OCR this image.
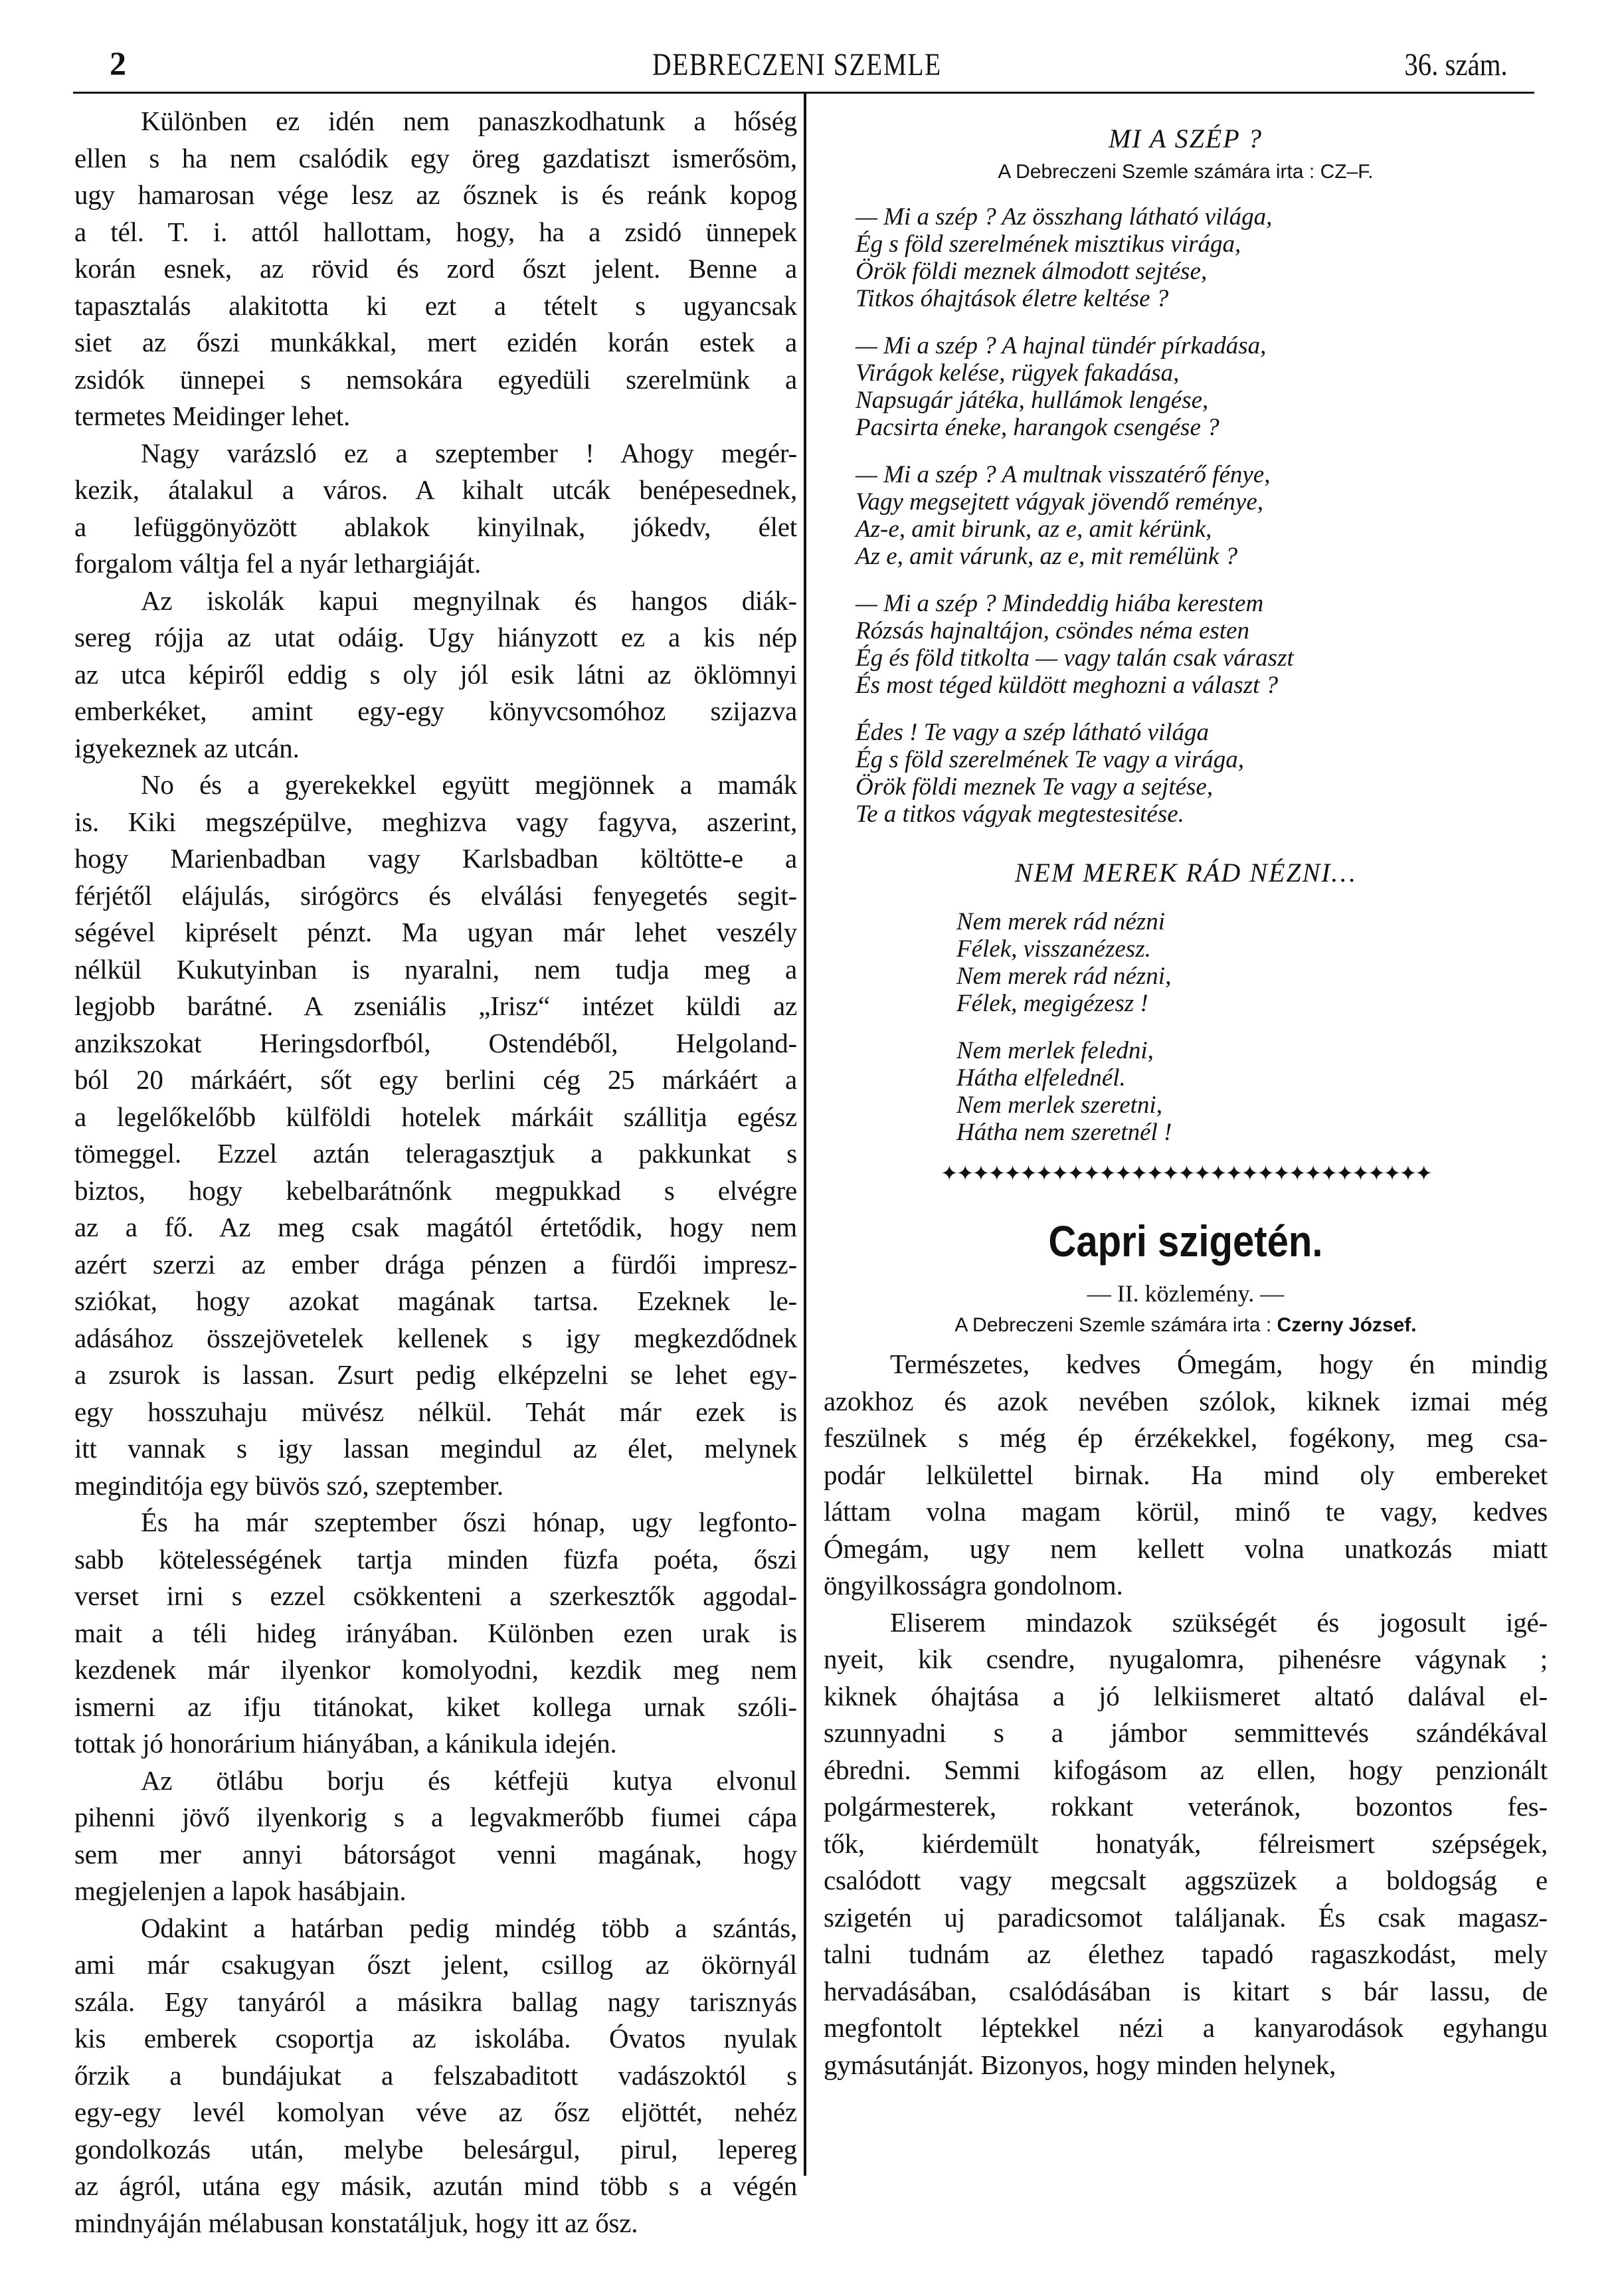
2	DEBRECZENI SZEMLE	36. szám.
Különben ez idén nem panaszkodhatunk a hőség
ellen s ha nem csalódik egy öreg gazdatiszt ismerősöm,
ugy hamarosan vége lesz az ősznek is és reánk kopog
a tél. T. i. attól hallottam, hogy, ha a zsidó ünnepek
korán esnek, az rövid és zord őszt jelent. Benne a
tapasztalás alakitotta ki ezt a tételt s ugyancsak
siet az őszi munkákkal, mert ezidén korán estek a
zsidók ünnepei s nemsokára egyedüli szerelmünk a
termetes Meidinger lehet.
Nagy varázsló ez a szeptember ! Ahogy megér-
kezik, átalakul a város. A kihalt utcák benépesednek,
a lefüggönyözött ablakok kinyilnak, jókedv, élet
forgalom váltja fel a nyár lethargiáját.
Az iskolák kapui megnyilnak és hangos diák-
sereg rójja az utat odáig. Ugy hiányzott ez a kis nép
az utca képiről eddig s oly jól esik látni az öklömnyi
emberkéket, amint egy-egy könyvcsomóhoz szijazva
igyekeznek az utcán.
No és a gyerekekkel együtt megjönnek a mamák
is. Kiki megszépülve, meghizva vagy fagyva, aszerint,
hogy Marienbadban vagy Karlsbadban költötte-e a
férjétől elájulás, sirógörcs és elválási fenyegetés segit-
ségével kipréselt pénzt. Ma ugyan már lehet veszély
nélkül Kukutyinban is nyaralni, nem tudja meg a
legjobb barátné. A zseniális „Irisz“ intézet küldi az
anzikszokat Heringsdorfból, Ostendéből, Helgoland-
ból 20 márkáért, sőt egy berlini cég 25 márkáért a
a legelőkelőbb külföldi hotelek márkáit szállitja egész
tömeggel. Ezzel aztán teleragasztjuk a pakkunkat s
biztos, hogy kebelbarátnőnk megpukkad s elvégre
az a fő. Az meg csak magától értetődik, hogy nem
azért szerzi az ember drága pénzen a fürdői impresz-
sziókat, hogy azokat magának tartsa. Ezeknek le-
adásához összejövetelek kellenek s igy megkezdődnek
a zsurok is lassan. Zsurt pedig elképzelni se lehet egy-
egy hosszuhaju müvész nélkül. Tehát már ezek is
itt vannak s igy lassan megindul az élet, melynek
meginditója egy büvös szó, szeptember.
És ha már szeptember őszi hónap, ugy legfonto-
sabb kötelességének tartja minden füzfa poéta, őszi
verset irni s ezzel csökkenteni a szerkesztők aggodal-
mait a téli hideg irányában. Különben ezen urak is
kezdenek már ilyenkor komolyodni, kezdik meg nem
ismerni az ifju titánokat, kiket kollega urnak szóli-
tottak jó honorárium hiányában, a kánikula idején.
Az ötlábu borju és kétfejü kutya elvonul
pihenni jövő ilyenkorig s a legvakmerőbb fiumei cápa
sem mer annyi bátorságot venni magának, hogy
megjelenjen a lapok hasábjain.
Odakint a határban pedig mindég több a szántás,
ami már csakugyan őszt jelent, csillog az ökörnyál
szála. Egy tanyáról a másikra ballag nagy tarisznyás
kis emberek csoportja az iskolába. Óvatos nyulak
őrzik a bundájukat a felszabaditott vadászoktól s
egy-egy levél komolyan véve az ősz eljöttét, nehéz
gondolkozás után, melybe belesárgul, pirul, lepereg
az ágról, utána egy másik, azután mind több s a végén
mindnyáján mélabusan konstatáljuk, hogy itt az ősz.
MI A SZÉP ?
A Debreczeni Szemle számára irta : CZ–F.
— Mi a szép ? Az összhang látható világa,
Ég s föld szerelmének misztikus virága,
Örök földi meznek álmodott sejtése,
Titkos óhajtások életre keltése ?
— Mi a szép ? A hajnal tündér pírkadása,
Virágok kelése, rügyek fakadása,
Napsugár játéka, hullámok lengése,
Pacsirta éneke, harangok csengése ?
— Mi a szép ? A multnak visszatérő fénye,
Vagy megsejtett vágyak jövendő reménye,
Az-e, amit birunk, az e, amit kérünk,
Az e, amit várunk, az e, mit remélünk ?
— Mi a szép ? Mindeddig hiába kerestem
Rózsás hajnaltájon, csöndes néma esten
Ég és föld titkolta — vagy talán csak váraszt
És most téged küldött meghozni a választ ?
Édes ! Te vagy a szép látható világa
Ég s föld szerelmének Te vagy a virága,
Örök földi meznek Te vagy a sejtése,
Te a titkos vágyak megtestesitése.
NEM MEREK RÁD NÉZNI…
Nem merek rád nézni
Félek, visszanézesz.
Nem merek rád nézni,
Félek, megigézesz !
Nem merlek feledni,
Hátha elfelednél.
Nem merlek szeretni,
Hátha nem szeretnél !
✦✦✦✦✦✦✦✦✦✦✦✦✦✦✦✦✦✦✦✦✦✦✦✦✦✦✦✦✦✦✦
Capri szigetén.
— II. közlemény. —
A Debreczeni Szemle számára irta : Czerny József.
Természetes, kedves Ómegám, hogy én mindig
azokhoz és azok nevében szólok, kiknek izmai még
feszülnek s még ép érzékekkel, fogékony, meg csa-
podár lelkülettel birnak. Ha mind oly embereket
láttam volna magam körül, minő te vagy, kedves
Ómegám, ugy nem kellett volna unatkozás miatt
öngyilkosságra gondolnom.
Eliserem mindazok szükségét és jogosult igé-
nyeit, kik csendre, nyugalomra, pihenésre vágynak ;
kiknek óhajtása a jó lelkiismeret altató dalával el-
szunnyadni s a jámbor semmittevés szándékával
ébredni. Semmi kifogásom az ellen, hogy penzionált
polgármesterek, rokkant veteránok, bozontos fes-
tők, kiérdemült honatyák, félreismert szépségek,
csalódott vagy megcsalt aggszüzek a boldogság e
szigetén uj paradicsomot találjanak. És csak magasz-
talni tudnám az élethez tapadó ragaszkodást, mely
hervadásában, csalódásában is kitart s bár lassu, de
megfontolt léptekkel nézi a kanyarodások egyhangu
gymásutánját. Bizonyos, hogy minden helynek,
